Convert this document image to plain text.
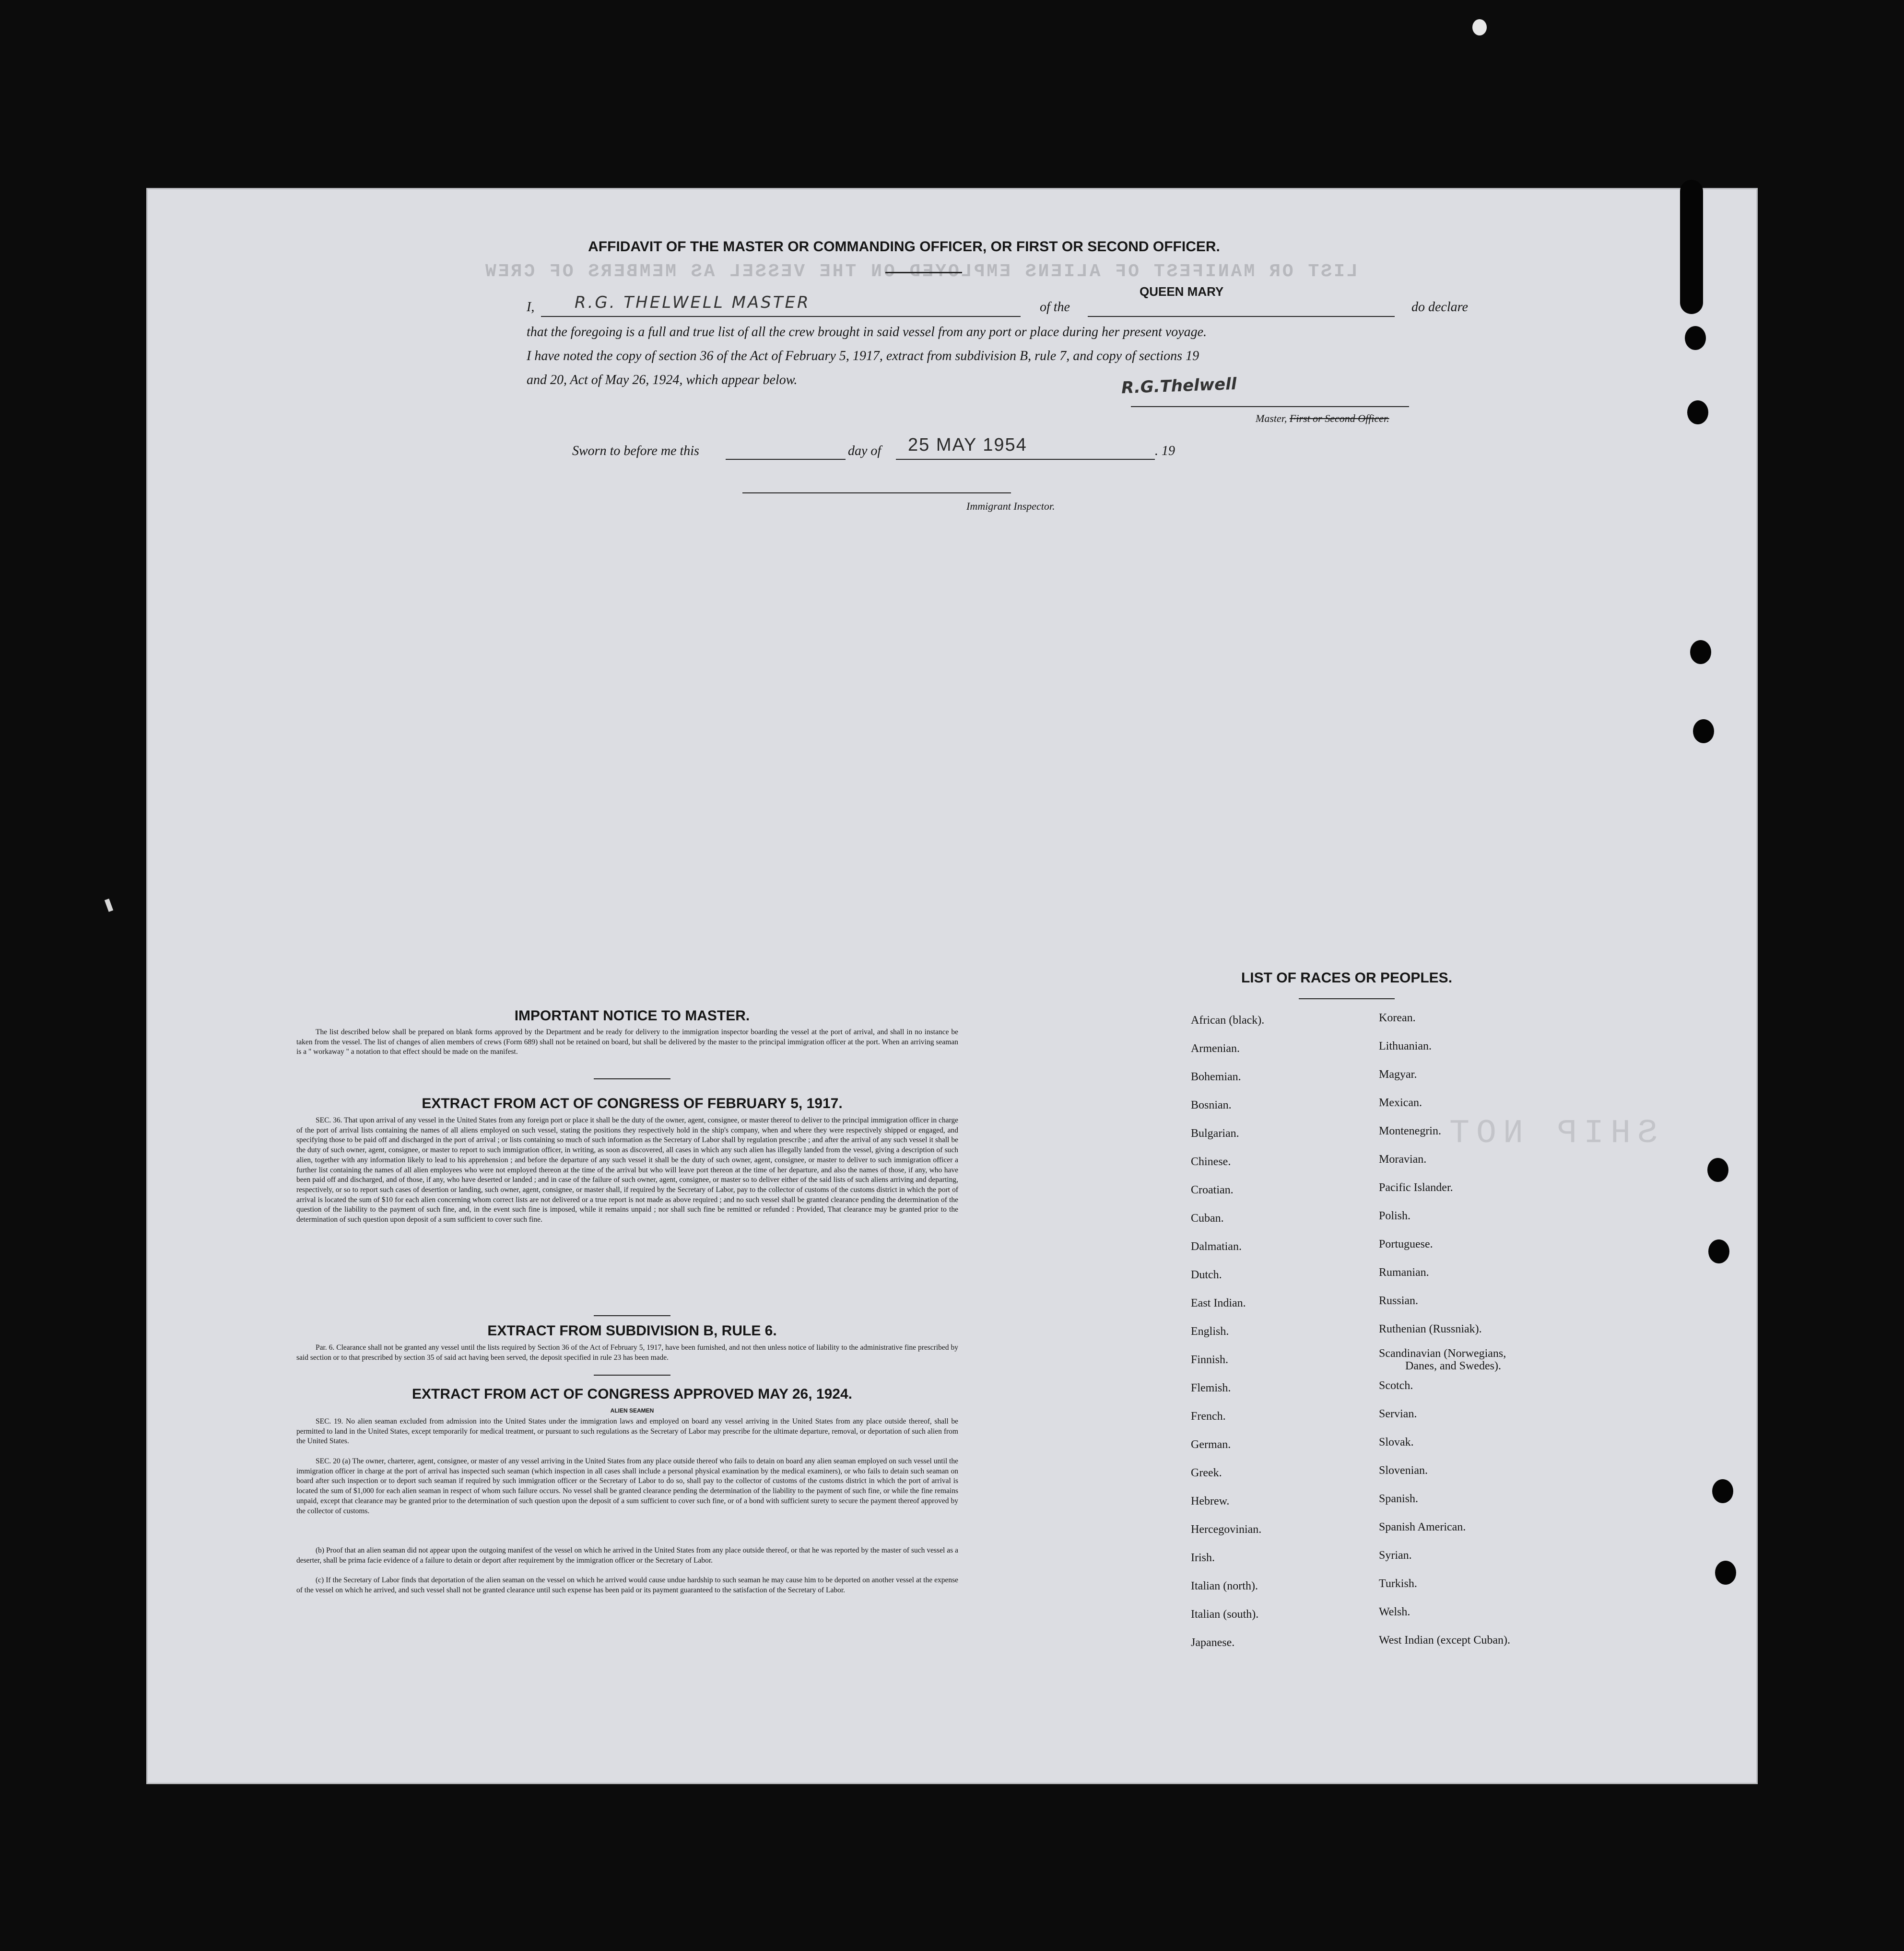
LIST OR MANIFEST OF ALIENS EMPLOYED ON THE VESSEL AS MEMBERS OF CREW
SHIP NOT
AFFIDAVIT OF THE MASTER OR COMMANDING OFFICER, OR FIRST OR SECOND OFFICER.
I, R.G. THELWELL MASTER	of the
QUEEN MARY
do declare
that the foregoing is a full and true list of all the crew brought in said vessel from any port or place during her present voyage.
I have noted the copy of section 36 of the Act of February 5, 1917, extract from subdivision B, rule 7, and copy of sections 19
and 20, Act of May 26, 1924, which appear below.	R.G.Thelwell
Master, First or Second Officer.
Sworn to before me this	day of 25 MAY 1954	. 19
Immigrant Inspector.
IMPORTANT NOTICE TO MASTER.
The list described below shall be prepared on blank forms approved by the Department and be ready for delivery to the immigration inspector boarding the vessel at the port of arrival, and shall in no instance be taken from the vessel. The list of changes of alien members of crews (Form 689) shall not be retained on board, but shall be delivered by the master to the principal immigration officer at the port. When an arriving seaman is a " workaway " a notation to that effect should be made on the manifest.
EXTRACT FROM ACT OF CONGRESS OF FEBRUARY 5, 1917.
SEC. 36. That upon arrival of any vessel in the United States from any foreign port or place it shall be the duty of the owner, agent, consignee, or master thereof to deliver to the principal immigration officer in charge of the port of arrival lists containing the names of all aliens employed on such vessel, stating the positions they respectively hold in the ship's company, when and where they were respectively shipped or engaged, and specifying those to be paid off and discharged in the port of arrival ; or lists containing so much of such information as the Secretary of Labor shall by regulation prescribe ; and after the arrival of any such vessel it shall be the duty of such owner, agent, consignee, or master to report to such immigration officer, in writing, as soon as discovered, all cases in which any such alien has illegally landed from the vessel, giving a description of such alien, together with any information likely to lead to his apprehension ; and before the departure of any such vessel it shall be the duty of such owner, agent, consignee, or master to deliver to such immigration officer a further list containing the names of all alien employees who were not employed thereon at the time of the arrival but who will leave port thereon at the time of her departure, and also the names of those, if any, who have been paid off and discharged, and of those, if any, who have deserted or landed ; and in case of the failure of such owner, agent, consignee, or master so to deliver either of the said lists of such aliens arriving and departing, respectively, or so to report such cases of desertion or landing, such owner, agent, consignee, or master shall, if required by the Secretary of Labor, pay to the collector of customs of the customs district in which the port of arrival is located the sum of $10 for each alien concerning whom correct lists are not delivered or a true report is not made as above required ; and no such vessel shall be granted clearance pending the determination of the question of the liability to the payment of such fine, and, in the event such fine is imposed, while it remains unpaid ; nor shall such fine be remitted or refunded : Provided, That clearance may be granted prior to the determination of such question upon deposit of a sum sufficient to cover such fine.
EXTRACT FROM SUBDIVISION B, RULE 6.
Par. 6. Clearance shall not be granted any vessel until the lists required by Section 36 of the Act of February 5, 1917, have been furnished, and not then unless notice of liability to the administrative fine prescribed by said section or to that prescribed by section 35 of said act having been served, the deposit specified in rule 23 has been made.
EXTRACT FROM ACT OF CONGRESS APPROVED MAY 26, 1924.
ALIEN SEAMEN
SEC. 19. No alien seaman excluded from admission into the United States under the immigration laws and employed on board any vessel arriving in the United States from any place outside thereof, shall be permitted to land in the United States, except temporarily for medical treatment, or pursuant to such regulations as the Secretary of Labor may prescribe for the ultimate departure, removal, or deportation of such alien from the United States.
SEC. 20 (a) The owner, charterer, agent, consignee, or master of any vessel arriving in the United States from any place outside thereof who fails to detain on board any alien seaman employed on such vessel until the immigration officer in charge at the port of arrival has inspected such seaman (which inspection in all cases shall include a personal physical examination by the medical examiners), or who fails to detain such seaman on board after such inspection or to deport such seaman if required by such immigration officer or the Secretary of Labor to do so, shall pay to the collector of customs of the customs district in which the port of arrival is located the sum of $1,000 for each alien seaman in respect of whom such failure occurs. No vessel shall be granted clearance pending the determination of the liability to the payment of such fine, or while the fine remains unpaid, except that clearance may be granted prior to the determination of such question upon the deposit of a sum sufficient to cover such fine, or of a bond with sufficient surety to secure the payment thereof approved by the collector of customs.
(b) Proof that an alien seaman did not appear upon the outgoing manifest of the vessel on which he arrived in the United States from any place outside thereof, or that he was reported by the master of such vessel as a deserter, shall be prima facie evidence of a failure to detain or deport after requirement by the immigration officer or the Secretary of Labor.
(c) If the Secretary of Labor finds that deportation of the alien seaman on the vessel on which he arrived would cause undue hardship to such seaman he may cause him to be deported on another vessel at the expense of the vessel on which he arrived, and such vessel shall not be granted clearance until such expense has been paid or its payment guaranteed to the satisfaction of the Secretary of Labor.
LIST OF RACES OR PEOPLES.
African (black).
Armenian.
Bohemian.
Bosnian.
Bulgarian.
Chinese.
Croatian.
Cuban.
Dalmatian.
Dutch.
East Indian.
English.
Finnish.
Flemish.
French.
German.
Greek.
Hebrew.
Hercegovinian.
Irish.
Italian (north).
Italian (south).
Japanese.
Korean.
Lithuanian.
Magyar.
Mexican.
Montenegrin.
Moravian.
Pacific Islander.
Polish.
Portuguese.
Rumanian.
Russian.
Ruthenian (Russniak).
Scandinavian (Norwegians,
Danes, and Swedes).
Scotch.
Servian.
Slovak.
Slovenian.
Spanish.
Spanish American.
Syrian.
Turkish.
Welsh.
West Indian (except Cuban).
